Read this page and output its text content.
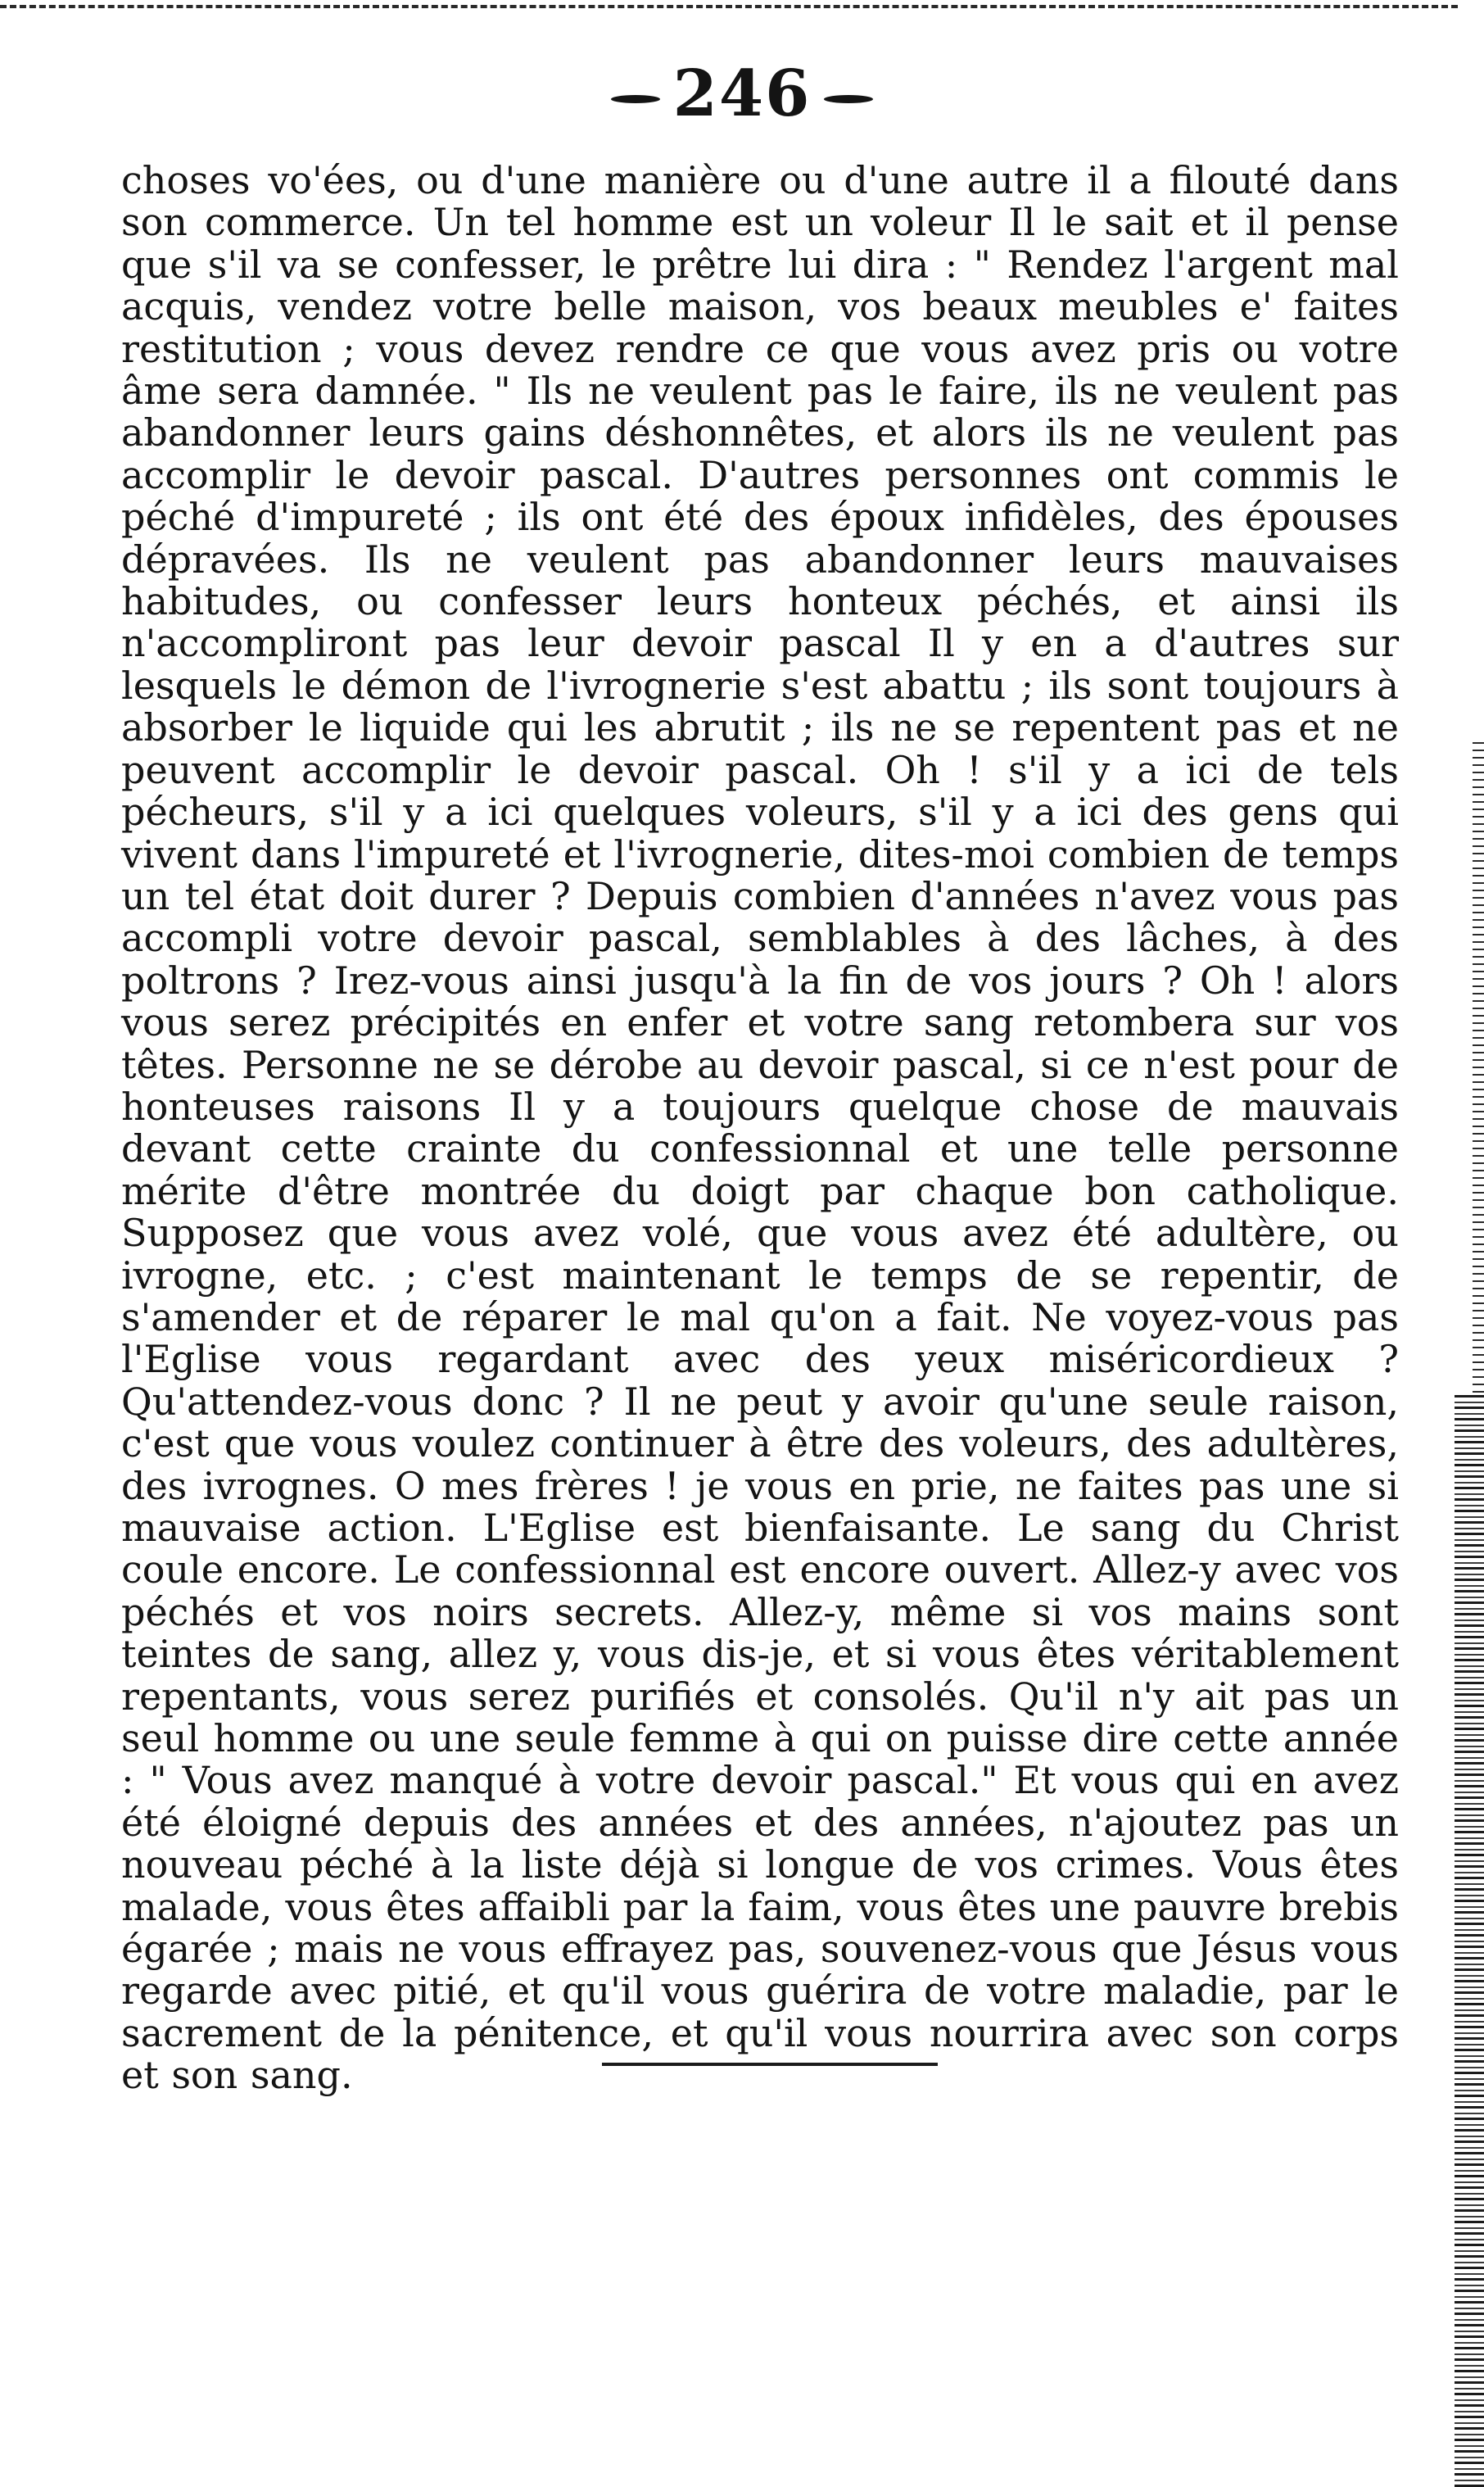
246

choses vo'ées, ou d'une manière ou d'une autre il a filouté dans son commerce. Un tel homme est un voleur Il le sait et il pense que s'il va se confesser, le prêtre lui dira : " Rendez l'argent mal acquis, vendez votre belle maison, vos beaux meubles e' faites restitution ; vous devez rendre ce que vous avez pris ou votre âme sera damnée. " Ils ne veulent pas le faire, ils ne veulent pas abandonner leurs gains déshonnêtes, et alors ils ne veulent pas accomplir le devoir pascal. D'autres personnes ont commis le péché d'impureté ; ils ont été des époux infidèles, des épouses dépravées. Ils ne veulent pas abandonner leurs mauvaises habitudes, ou confesser leurs honteux péchés, et ainsi ils n'accompliront pas leur devoir pascal Il y en a d'autres sur lesquels le démon de l'ivrognerie s'est abattu ; ils sont toujours à absorber le liquide qui les abrutit ; ils ne se repentent pas et ne peuvent accomplir le devoir pascal. Oh ! s'il y a ici de tels pécheurs, s'il y a ici quelques voleurs, s'il y a ici des gens qui vivent dans l'impureté et l'ivrognerie, dites-moi combien de temps un tel état doit durer ? Depuis combien d'années n'avez vous pas accompli votre devoir pascal, semblables à des lâches, à des poltrons ? Irez-vous ainsi jusqu'à la fin de vos jours ? Oh ! alors vous serez précipités en enfer et votre sang retombera sur vos têtes. Personne ne se dérobe au devoir pascal, si ce n'est pour de honteuses raisons Il y a toujours quelque chose de mauvais devant cette crainte du confessionnal et une telle personne mérite d'être montrée du doigt par chaque bon catholique. Supposez que vous avez volé, que vous avez été adultère, ou ivrogne, etc. ; c'est maintenant le temps de se repentir, de s'amender et de réparer le mal qu'on a fait. Ne voyez-vous pas l'Eglise vous regardant avec des yeux miséricordieux ? Qu'attendez-vous donc ? Il ne peut y avoir qu'une seule raison, c'est que vous voulez continuer à être des voleurs, des adultères, des ivrognes. O mes frères ! je vous en prie, ne faites pas une si mauvaise action. L'Eglise est bienfaisante. Le sang du Christ coule encore. Le confessionnal est encore ouvert. Allez-y avec vos péchés et vos noirs secrets. Allez-y, même si vos mains sont teintes de sang, allez y, vous dis-je, et si vous êtes véritablement repentants, vous serez purifiés et consolés. Qu'il n'y ait pas un seul homme ou une seule femme à qui on puisse dire cette année : " Vous avez manqué à votre devoir pascal." Et vous qui en avez été éloigné depuis des années et des années, n'ajoutez pas un nouveau péché à la liste déjà si longue de vos crimes. Vous êtes malade, vous êtes affaibli par la faim, vous êtes une pauvre brebis égarée ; mais ne vous effrayez pas, souvenez-vous que Jésus vous regarde avec pitié, et qu'il vous guérira de votre maladie, par le sacrement de la pénitence, et qu'il vous nourrira avec son corps et son sang.
